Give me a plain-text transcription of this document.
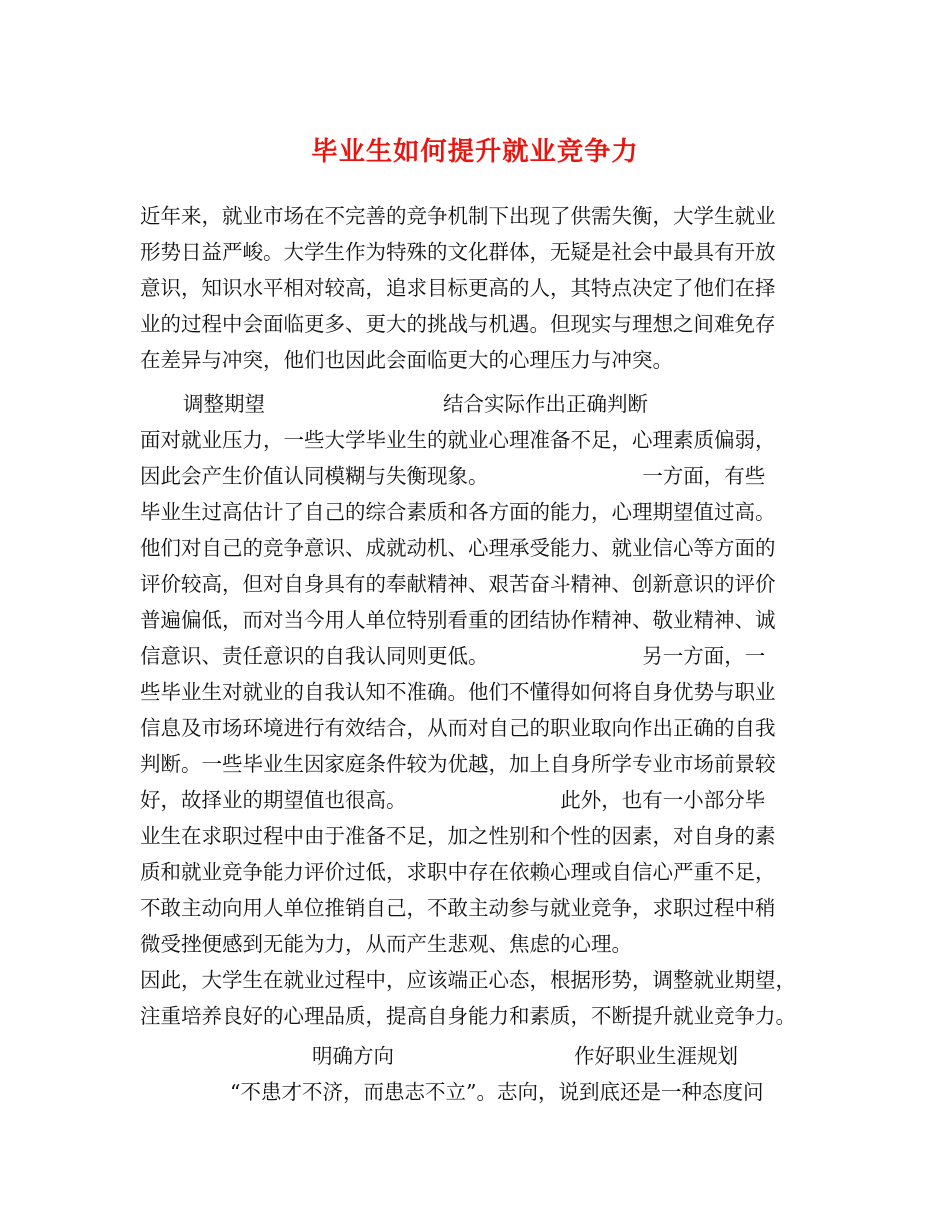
毕业生如何提升就业竞争力
近年来，就业市场在不完善的竞争机制下出现了供需失衡，大学生就业
形势日益严峻。大学生作为特殊的文化群体，无疑是社会中最具有开放
意识，知识水平相对较高，追求目标更高的人，其特点决定了他们在择
业的过程中会面临更多、更大的挑战与机遇。但现实与理想之间难免存
在差异与冲突，他们也因此会面临更大的心理压力与冲突。
调整期望	结合实际作出正确判断
面对就业压力，一些大学毕业生的就业心理准备不足，心理素质偏弱，
因此会产生价值认同模糊与失衡现象。　　　　　　　　一方面，有些
毕业生过高估计了自己的综合素质和各方面的能力，心理期望值过高。
他们对自己的竞争意识、成就动机、心理承受能力、就业信心等方面的
评价较高，但对自身具有的奉献精神、艰苦奋斗精神、创新意识的评价
普遍偏低，而对当今用人单位特别看重的团结协作精神、敬业精神、诚
信意识、责任意识的自我认同则更低。　　　　　　　　另一方面，一
些毕业生对就业的自我认知不准确。他们不懂得如何将自身优势与职业
信息及市场环境进行有效结合，从而对自己的职业取向作出正确的自我
判断。一些毕业生因家庭条件较为优越，加上自身所学专业市场前景较
好，故择业的期望值也很高。　　　　　　　　此外，也有一小部分毕
业生在求职过程中由于准备不足，加之性别和个性的因素，对自身的素
质和就业竞争能力评价过低，求职中存在依赖心理或自信心严重不足，
不敢主动向用人单位推销自己，不敢主动参与就业竞争，求职过程中稍
微受挫便感到无能为力，从而产生悲观、焦虑的心理。
因此，大学生在就业过程中，应该端正心态，根据形势，调整就业期望，
注重培养良好的心理品质，提高自身能力和素质，不断提升就业竞争力。
明确方向	作好职业生涯规划
“不患才不济，而患志不立”。志向，说到底还是一种态度问
